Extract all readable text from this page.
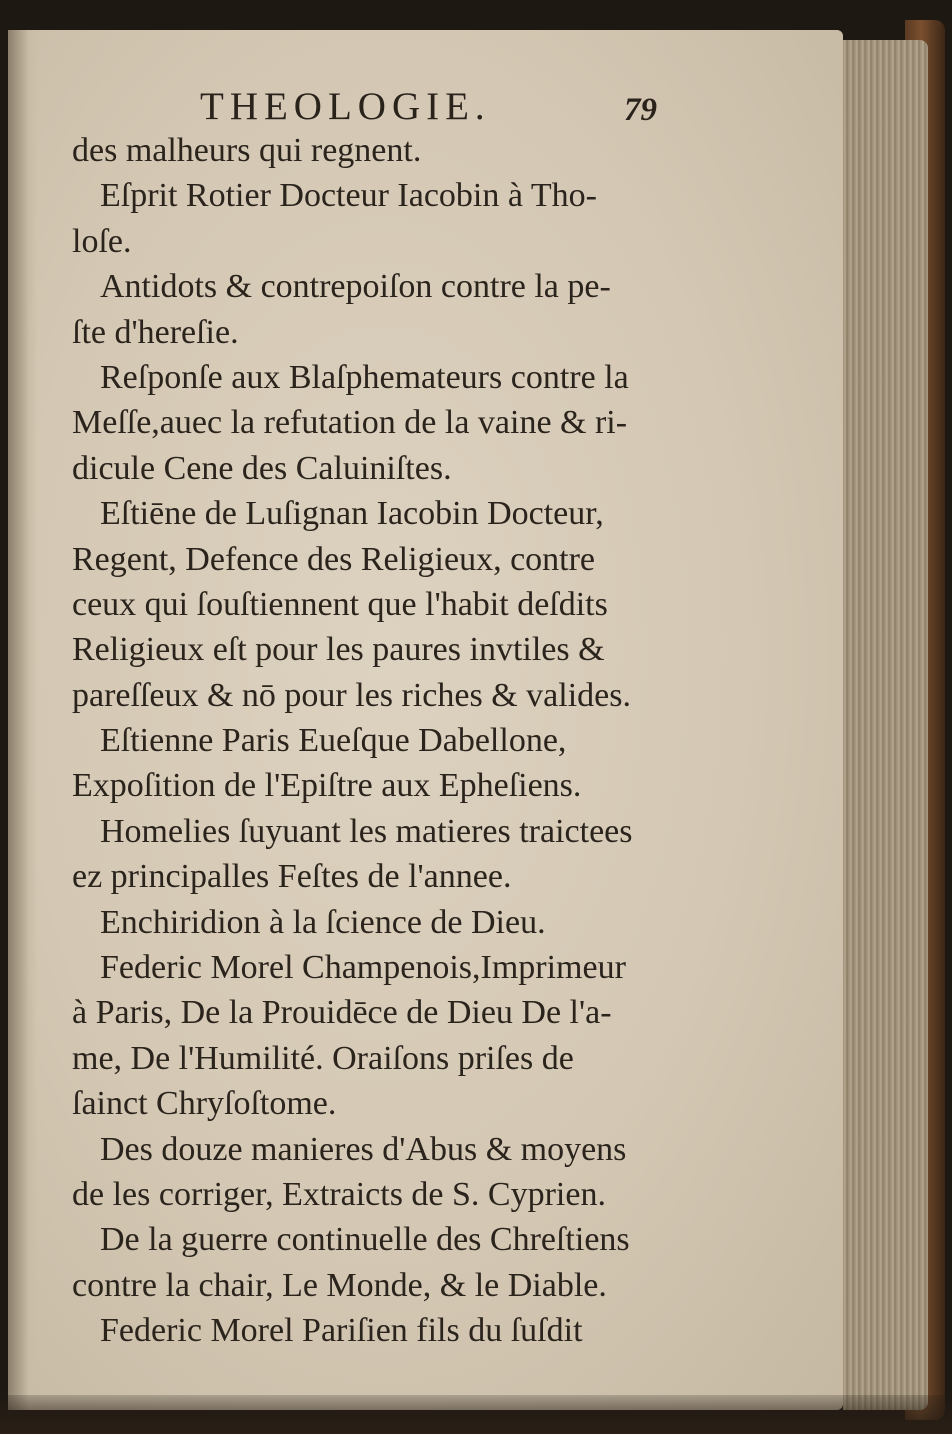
THEOLOGIE.	79
des malheurs qui regnent.
Eſprit Rotier Docteur Iacobin à Tho-
loſe.
Antidots & contrepoiſon contre la pe-
ſte d'hereſie.
Reſponſe aux Blaſphemateurs contre la
Meſſe,auec la refutation de la vaine & ri-
dicule Cene des Caluiniſtes.
Eſtiēne de Luſignan Iacobin Docteur,
Regent, Defence des Religieux, contre
ceux qui ſouſtiennent que l'habit deſdits
Religieux eſt pour les paures invtiles &
pareſſeux & nō pour les riches & valides.
Eſtienne Paris Eueſque Dabellone,
Expoſition de l'Epiſtre aux Epheſiens.
Homelies ſuyuant les matieres traictees
ez principalles Feſtes de l'annee.
Enchiridion à la ſcience de Dieu.
Federic Morel Champenois,Imprimeur
à Paris, De la Prouidēce de Dieu De l'a-
me, De l'Humilité. Oraiſons priſes de
ſainct Chryſoſtome.
Des douze manieres d'Abus & moyens
de les corriger, Extraicts de S. Cyprien.
De la guerre continuelle des Chreſtiens
contre la chair, Le Monde, & le Diable.
Federic Morel Pariſien fils du ſuſdit
